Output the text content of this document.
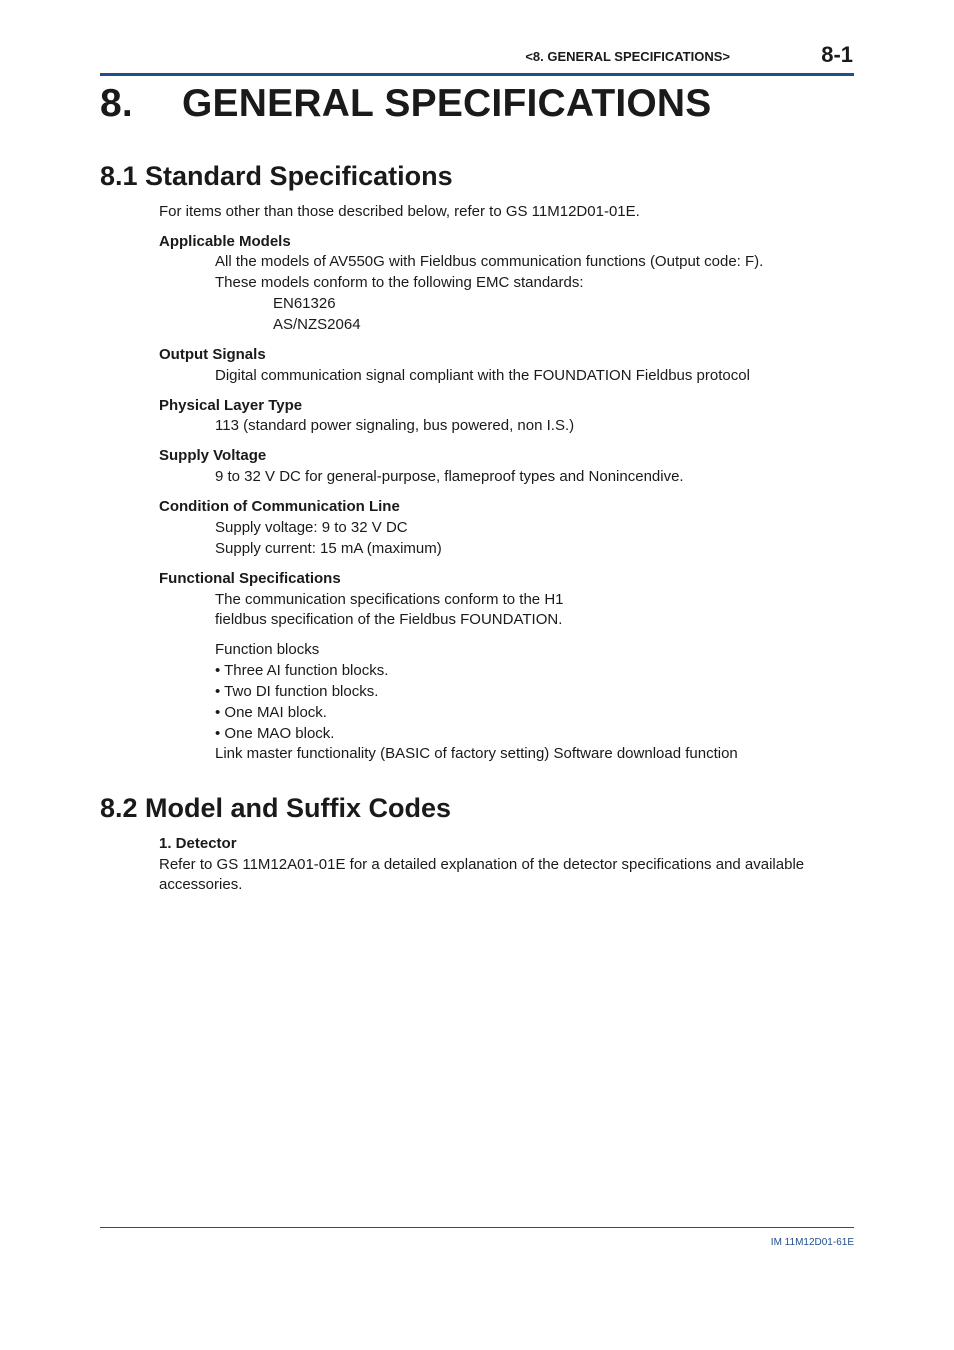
<8. GENERAL SPECIFICATIONS>	8-1
8. GENERAL SPECIFICATIONS
8.1 Standard Specifications
For items other than those described below, refer to GS 11M12D01-01E.
Applicable Models
All the models of AV550G with Fieldbus communication functions (Output code: F).
These models conform to the following EMC standards:
EN61326
AS/NZS2064
Output Signals
Digital communication signal compliant with the FOUNDATION Fieldbus protocol
Physical Layer Type
113 (standard power signaling, bus powered, non I.S.)
Supply Voltage
9 to 32 V DC for general-purpose, flameproof types and Nonincendive.
Condition of Communication Line
Supply voltage: 9 to 32 V DC
Supply current: 15 mA (maximum)
Functional Specifications
The communication specifications conform to the H1
fieldbus specification of the Fieldbus FOUNDATION.
Function blocks
• Three AI function blocks.
• Two DI function blocks.
• One MAI block.
• One MAO block.
Link master functionality (BASIC of factory setting) Software download function
8.2 Model and Suffix Codes
1. Detector
Refer to GS 11M12A01-01E for a detailed explanation of the detector specifications and available
accessories.
IM 11M12D01-61E
